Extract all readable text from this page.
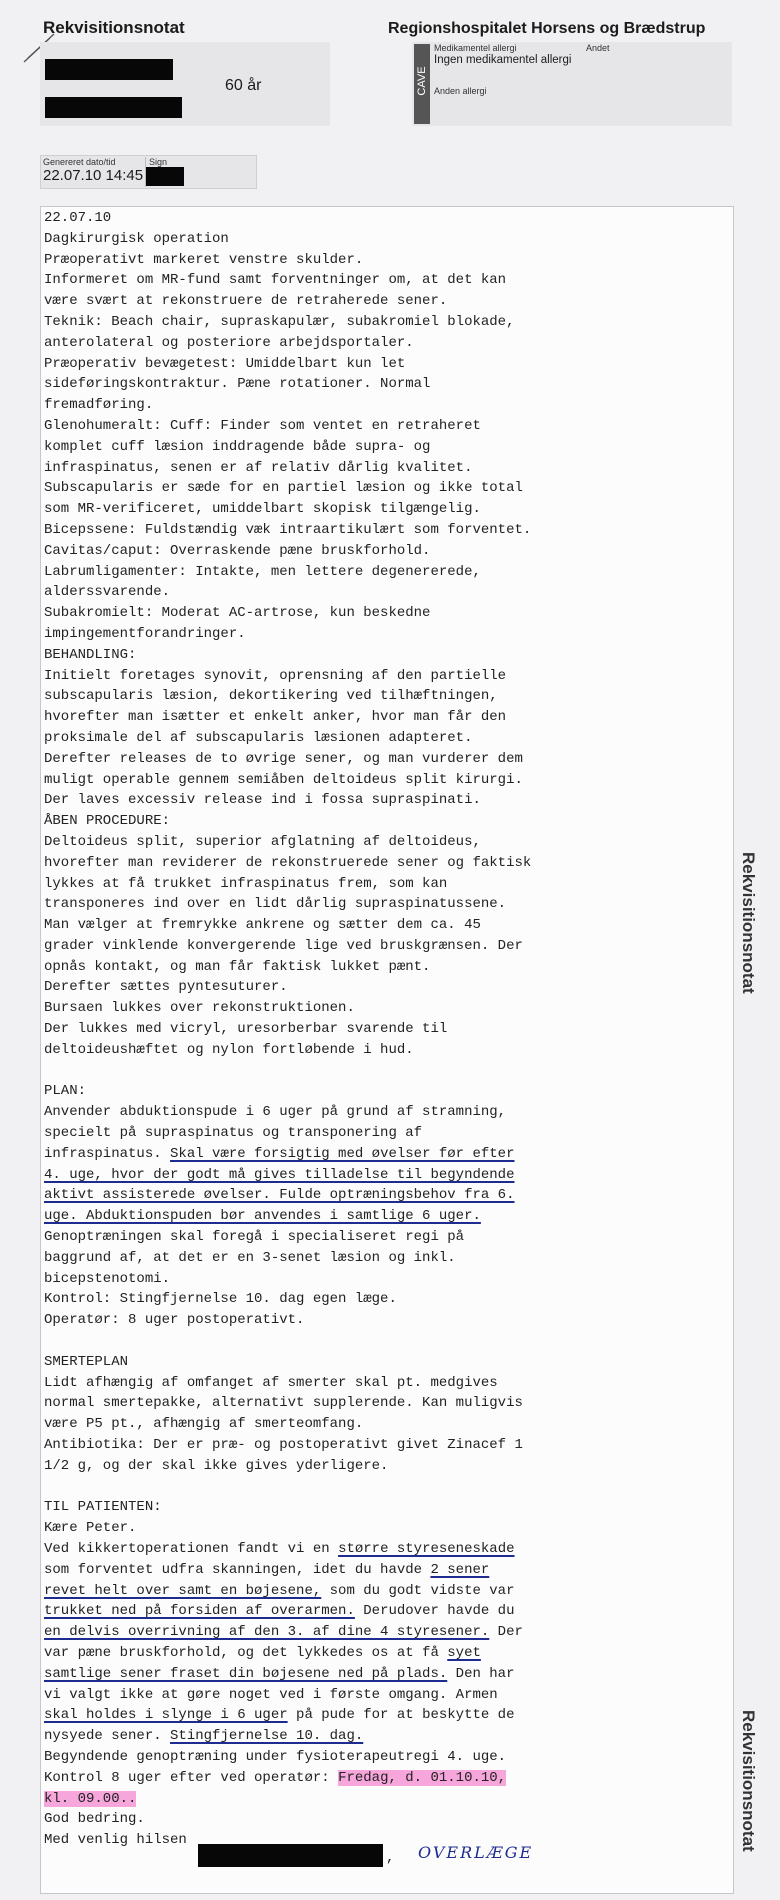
Rekvisitionsnotat	Regionshospitalet Horsens og Brædstrup
60 år	CAVE
Medikamentel allergi	Andet
Ingen medikamentel allergi
Anden allergi
Genereret dato/tid	Sign
22.07.10 14:45
22.07.10
Dagkirurgisk operation
Præoperativt markeret venstre skulder.
Informeret om MR-fund samt forventninger om, at det kan
være svært at rekonstruere de retraherede sener.
Teknik: Beach chair, supraskapulær, subakromiel blokade,
anterolateral og posteriore arbejdsportaler.
Præoperativ bevægetest: Umiddelbart kun let
sideføringskontraktur. Pæne rotationer. Normal
fremadføring.
Glenohumeralt: Cuff: Finder som ventet en retraheret
komplet cuff læsion inddragende både supra- og
infraspinatus, senen er af relativ dårlig kvalitet.
Subscapularis er sæde for en partiel læsion og ikke total
som MR-verificeret, umiddelbart skopisk tilgængelig.
Bicepssene: Fuldstændig væk intraartikulært som forventet.
Cavitas/caput: Overraskende pæne bruskforhold.
Labrumligamenter: Intakte, men lettere degenererede,
alderssvarende.
Subakromielt: Moderat AC-artrose, kun beskedne
impingementforandringer.
BEHANDLING:
Initielt foretages synovit, oprensning af den partielle
subscapularis læsion, dekortikering ved tilhæftningen,
hvorefter man isætter et enkelt anker, hvor man får den
proksimale del af subscapularis læsionen adapteret.
Derefter releases de to øvrige sener, og man vurderer dem
muligt operable gennem semiåben deltoideus split kirurgi.
Der laves excessiv release ind i fossa supraspinati.
ÅBEN PROCEDURE:
Deltoideus split, superior afglatning af deltoideus,
hvorefter man reviderer de rekonstruerede sener og faktisk
lykkes at få trukket infraspinatus frem, som kan
transponeres ind over en lidt dårlig supraspinatussene.
Man vælger at fremrykke ankrene og sætter dem ca. 45
grader vinklende konvergerende lige ved bruskgrænsen. Der
opnås kontakt, og man får faktisk lukket pænt.
Derefter sættes pyntesuturer.
Bursaen lukkes over rekonstruktionen.
Der lukkes med vicryl, uresorberbar svarende til
deltoideushæftet og nylon fortløbende i hud.

PLAN:
Anvender abduktionspude i 6 uger på grund af stramning,
specielt på supraspinatus og transponering af
infraspinatus. Skal være forsigtig med øvelser før efter
4. uge, hvor der godt må gives tilladelse til begyndende
aktivt assisterede øvelser. Fulde optræningsbehov fra 6.
uge. Abduktionspuden bør anvendes i samtlige 6 uger.
Genoptræningen skal foregå i specialiseret regi på
baggrund af, at det er en 3-senet læsion og inkl.
bicepstenotomi.
Kontrol: Stingfjernelse 10. dag egen læge.
Operatør: 8 uger postoperativt.

SMERTEPLAN
Lidt afhængig af omfanget af smerter skal pt. medgives
normal smertepakke, alternativt supplerende. Kan muligvis
være P5 pt., afhængig af smerteomfang.
Antibiotika: Der er præ- og postoperativt givet Zinacef 1
1/2 g, og der skal ikke gives yderligere.

TIL PATIENTEN:
Kære Peter.
Ved kikkertoperationen fandt vi en større styreseneskade
som forventet udfra skanningen, idet du havde 2 sener
revet helt over samt en bøjesene, som du godt vidste var
trukket ned på forsiden af overarmen. Derudover havde du
en delvis overrivning af den 3. af dine 4 styresener. Der
var pæne bruskforhold, og det lykkedes os at få syet
samtlige sener fraset din bøjesene ned på plads. Den har
vi valgt ikke at gøre noget ved i første omgang. Armen
skal holdes i slynge i 6 uger på pude for at beskytte de
nysyede sener. Stingfjernelse 10. dag.
Begyndende genoptræning under fysioterapeutregi 4. uge.
Kontrol 8 uger efter ved operatør: Fredag, d. 01.10.10,
kl. 09.00..
God bedring.
Med venlig hilsen
Rekvisitionsnotat
Rekvisitionsnotat
, OVERLÆGE
